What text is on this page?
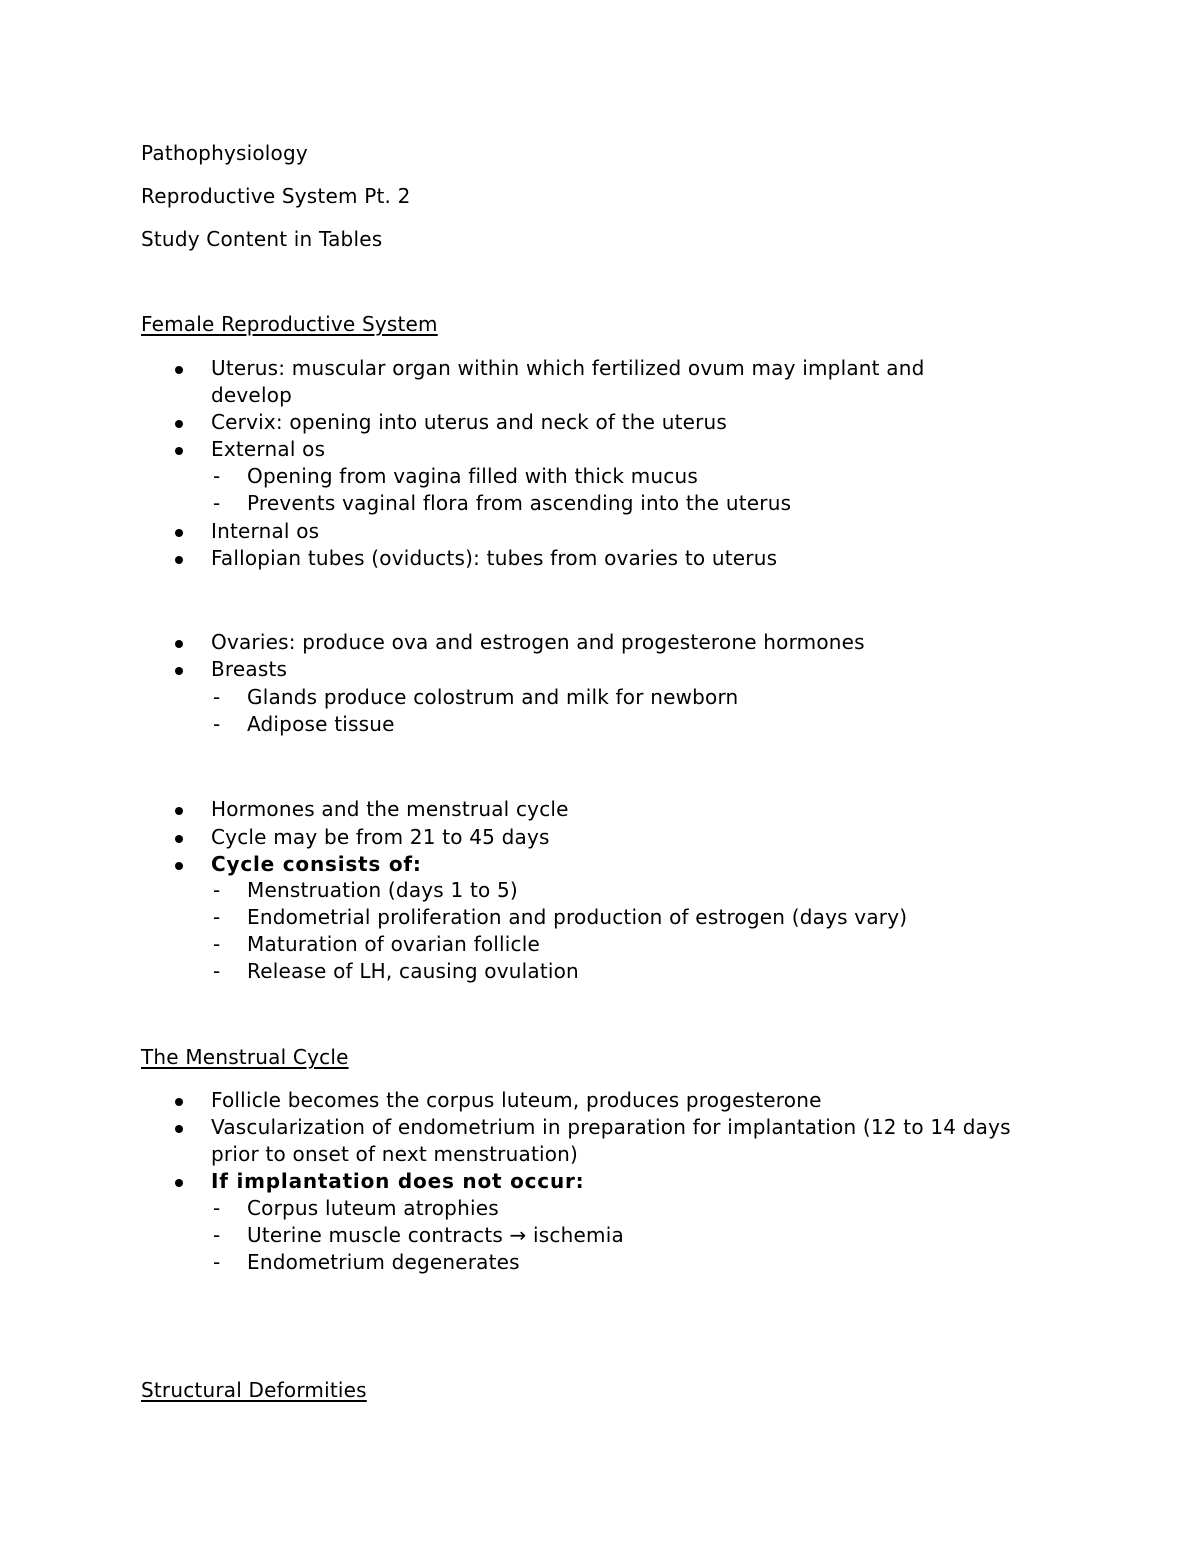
Pathophysiology
Reproductive System Pt. 2
Study Content in Tables
Female Reproductive System
Uterus: muscular organ within which fertilized ovum may implant and
develop
Cervix: opening into uterus and neck of the uterus
External os
- Opening from vagina filled with thick mucus
- Prevents vaginal flora from ascending into the uterus
Internal os
Fallopian tubes (oviducts): tubes from ovaries to uterus
Ovaries: produce ova and estrogen and progesterone hormones
Breasts
- Glands produce colostrum and milk for newborn
- Adipose tissue
Hormones and the menstrual cycle
Cycle may be from 21 to 45 days
Cycle consists of:
- Menstruation (days 1 to 5)
- Endometrial proliferation and production of estrogen (days vary)
- Maturation of ovarian follicle
- Release of LH, causing ovulation
The Menstrual Cycle
Follicle becomes the corpus luteum, produces progesterone
Vascularization of endometrium in preparation for implantation (12 to 14 days
prior to onset of next menstruation)
If implantation does not occur:
- Corpus luteum atrophies
- Uterine muscle contracts → ischemia
- Endometrium degenerates
Structural Deformities
